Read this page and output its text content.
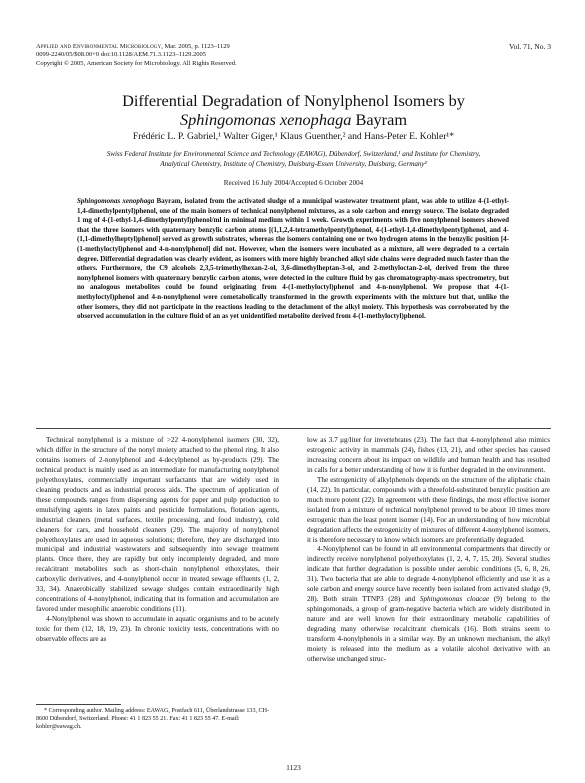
Applied and Environmental Microbiology, Mar. 2005, p. 1123–1129
0099-2240/05/$08.00+0 doi:10.1128/AEM.71.3.1123–1129.2005
Copyright © 2005, American Society for Microbiology. All Rights Reserved.
Vol. 71, No. 3
Differential Degradation of Nonylphenol Isomers by
Sphingomonas xenophaga Bayram
Frédéric L. P. Gabriel,¹ Walter Giger,¹ Klaus Guenther,² and Hans-Peter E. Kohler¹*
Swiss Federal Institute for Environmental Science and Technology (EAWAG), Dübendorf, Switzerland,¹ and Institute for Chemistry,
Analytical Chemistry, Institute of Chemistry, Duisburg-Essen University, Duisburg, Germany²
Received 16 July 2004/Accepted 6 October 2004

Sphingomonas xenophaga Bayram, isolated from the activated sludge of a municipal wastewater treatment plant, was able to utilize 4-(1-ethyl-1,4-dimethylpentyl)phenol, one of the main isomers of technical nonylphenol mixtures, as a sole carbon and energy source. The isolate degraded 1 mg of 4-(1-ethyl-1,4-dimethylpentyl)phenol/ml in minimal medium within 1 week. Growth experiments with five nonylphenol isomers showed that the three isomers with quaternary benzylic carbon atoms [(1,1,2,4-tetramethylpentyl)phenol, 4-(1-ethyl-1,4-dimethylpentyl)phenol, and 4-(1,1-dimethylheptyl)phenol] served as growth substrates, whereas the isomers containing one or two hydrogen atoms in the benzylic position [4-(1-methyloctyl)phenol and 4-n-nonylphenol] did not. However, when the isomers were incubated as a mixture, all were degraded to a certain degree. Differential degradation was clearly evident, as isomers with more highly branched alkyl side chains were degraded much faster than the others. Furthermore, the C9 alcohols 2,3,5-trimethylhexan-2-ol, 3,6-dimethylheptan-3-ol, and 2-methyloctan-2-ol, derived from the three nonylphenol isomers with quaternary benzylic carbon atoms, were detected in the culture fluid by gas chromatography-mass spectrometry, but no analogous metabolites could be found originating from 4-(1-methyloctyl)phenol and 4-n-nonylphenol. We propose that 4-(1-methyloctyl)phenol and 4-n-nonylphenol were cometabolically transformed in the growth experiments with the mixture but that, unlike the other isomers, they did not participate in the reactions leading to the detachment of the alkyl moiety. This hypothesis was corroborated by the observed accumulation in the culture fluid of an as yet unidentified metabolite derived from 4-(1-methyloctyl)phenol.

Technical nonylphenol is a mixture of >22 4-nonylphenol isomers (30, 32), which differ in the structure of the nonyl moiety attached to the phenol ring. It also contains isomers of 2-nonylphenol and 4-decylphenol as by-products (29). The technical product is mainly used as an intermediate for manufacturing nonylphenol polyethoxylates, commercially important surfactants that are widely used in cleaning products and as industrial process aids. The spectrum of application of these compounds ranges from dispersing agents for paper and pulp production to emulsifying agents in latex paints and pesticide formulations, flotation agents, industrial cleaners (metal surfaces, textile processing, and food industry), cold cleaners for cars, and household cleaners (29). The majority of nonylphenol polyethoxylates are used in aqueous solutions; therefore, they are discharged into municipal and industrial wastewaters and subsequently into sewage treatment plants. Once there, they are rapidly but only incompletely degraded, and more recalcitrant metabolites such as short-chain nonylphenol ethoxylates, their carboxylic derivatives, and 4-nonylphenol occur in treated sewage effluents (1, 2, 33, 34). Anaerobically stabilized sewage sludges contain extraordinarily high concentrations of 4-nonylphenol, indicating that its formation and accumulation are favored under mesophilic anaerobic conditions (11).

4-Nonylphenol was shown to accumulate in aquatic organisms and to be acutely toxic for them (12, 18, 19, 23). In chronic toxicity tests, concentrations with no observable effects are as

low as 3.7 μg/liter for invertebrates (23). The fact that 4-nonylphenol also mimics estrogenic activity in mammals (24), fishes (13, 21), and other species has caused increasing concern about its impact on wildlife and human health and has resulted in calls for a better understanding of how it is further degraded in the environment.

The estrogenicity of alkylphenols depends on the structure of the aliphatic chain (14, 22). In particular, compounds with a threefold-substituted benzylic position are much more potent (22). In agreement with these findings, the most effective isomer isolated from a mixture of technical nonylphenol proved to be about 10 times more estrogenic than the least potent isomer (14). For an understanding of how microbial degradation affects the estrogenicity of mixtures of different 4-nonylphenol isomers, it is therefore necessary to know which isomers are preferentially degraded.

4-Nonylphenol can be found in all environmental compartments that directly or indirectly receive nonylphenol polyethoxylates (1, 2, 4, 7, 15, 20). Several studies indicate that further degradation is possible under aerobic conditions (5, 6, 8, 26, 31). Two bacteria that are able to degrade 4-nonylphenol efficiently and use it as a sole carbon and energy source have recently been isolated from activated sludge (9, 28). Both strain TTNP3 (28) and Sphingomonas cloacae (9) belong to the sphingomonads, a group of gram-negative bacteria which are widely distributed in nature and are well known for their extraordinary metabolic capabilities of degrading many otherwise recalcitrant chemicals (16). Both strains seem to transform 4-nonylphenols in a similar way. By an unknown mechanism, the alkyl moiety is released into the medium as a volatile alcohol derivative with an otherwise unchanged struc-

* Corresponding author. Mailing address: EAWAG, Postfach 611, Überlandstrasse 133, CH-8600 Dübendorf, Switzerland. Phone: 41 1 823 55 21. Fax: 41 1 823 55 47. E-mail: kohler@eawag.ch.

1123
